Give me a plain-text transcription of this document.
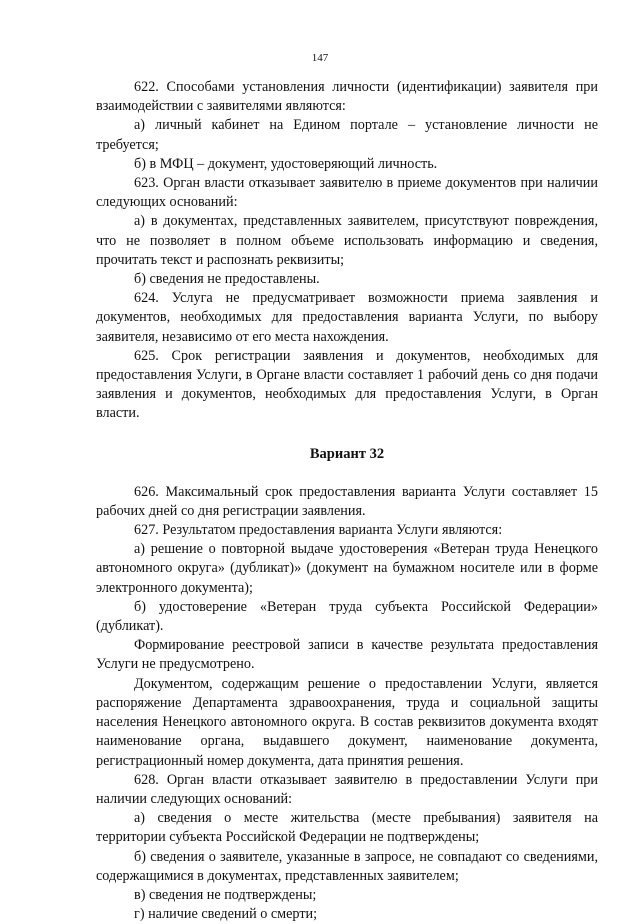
147

622. Способами установления личности (идентификации) заявителя при взаимодействии с заявителями являются:

а) личный кабинет на Едином портале – установление личности не требуется;

б) в МФЦ – документ, удостоверяющий личность.

623. Орган власти отказывает заявителю в приеме документов при наличии следующих оснований:

а) в документах, представленных заявителем, присутствуют повреждения, что не позволяет в полном объеме использовать информацию и сведения, прочитать текст и распознать реквизиты;

б) сведения не предоставлены.

624. Услуга не предусматривает возможности приема заявления и документов, необходимых для предоставления варианта Услуги, по выбору заявителя, независимо от его места нахождения.

625. Срок регистрации заявления и документов, необходимых для предоставления Услуги, в Органе власти составляет 1 рабочий день со дня подачи заявления и документов, необходимых для предоставления Услуги, в Орган власти.

Вариант 32

626. Максимальный срок предоставления варианта Услуги составляет 15 рабочих дней со дня регистрации заявления.

627. Результатом предоставления варианта Услуги являются:

а) решение о повторной выдаче удостоверения «Ветеран труда Ненецкого автономного округа» (дубликат)» (документ на бумажном носителе или в форме электронного документа);

б) удостоверение «Ветеран труда субъекта Российской Федерации» (дубликат).

Формирование реестровой записи в качестве результата предоставления Услуги не предусмотрено.

Документом, содержащим решение о предоставлении Услуги, является распоряжение Департамента здравоохранения, труда и социальной защиты населения Ненецкого автономного округа. В состав реквизитов документа входят наименование органа, выдавшего документ, наименование документа, регистрационный номер документа, дата принятия решения.

628. Орган власти отказывает заявителю в предоставлении Услуги при наличии следующих оснований:

а) сведения о месте жительства (месте пребывания) заявителя на территории субъекта Российской Федерации не подтверждены;

б) сведения о заявителе, указанные в запросе, не совпадают со сведениями, содержащимися в документах, представленных заявителем;

в) сведения не подтверждены;

г) наличие сведений о смерти;
